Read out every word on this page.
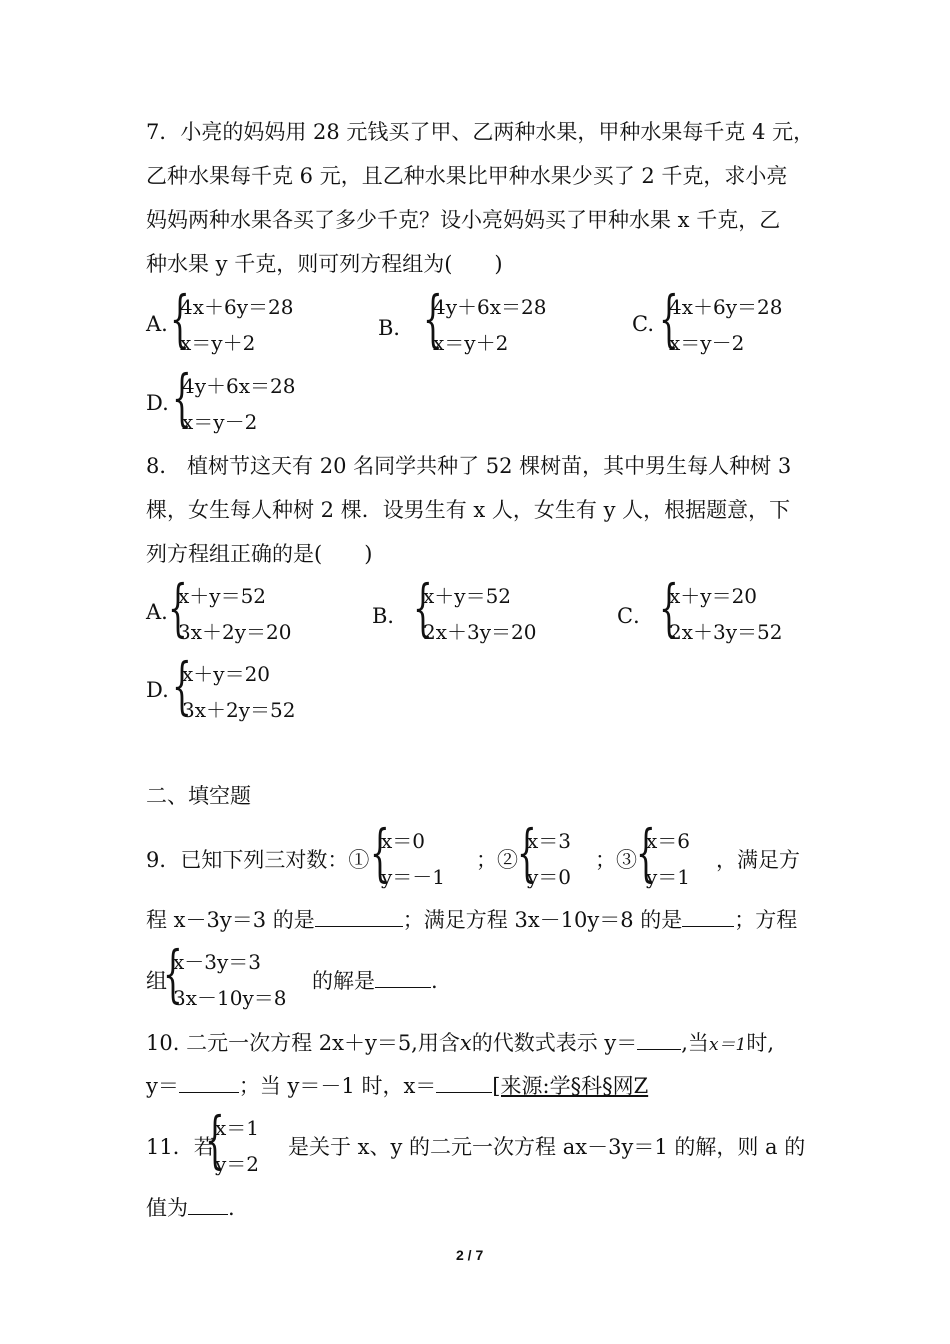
7．小亮的妈妈用 28 元钱买了甲、乙两种水果，甲种水果每千克 4 元，
乙种水果每千克 6 元，且乙种水果比甲种水果少买了 2 千克，求小亮
妈妈两种水果各买了多少千克？设小亮妈妈买了甲种水果 x 千克，乙
种水果 y 千克，则可列方程组为(　　)
A. {
4x＋6y＝28
x＝y＋2
B． {
4y＋6x＝28
x＝y＋2
C. {
4x＋6y＝28
x＝y－2
D. {
4y＋6x＝28
x＝y－2
8． 植树节这天有 20 名同学共种了 52 棵树苗，其中男生每人种树 3
棵，女生每人种树 2 棵．设男生有 x 人，女生有 y 人，根据题意，下
列方程组正确的是(　　)
A. {
x＋y＝52
3x＋2y＝20
B． {
x＋y＝52
2x＋3y＝20
C． {
x＋y＝20
2x＋3y＝52
D. {
x＋y＝20
3x＋2y＝52
二、填空题
9．已知下列三对数：① {
x＝0
y＝－1
；② {
x＝3
y＝0
；③ {
x＝6
y＝1
，满足方
程 x－3y＝3 的是	；满足方程 3x－10y＝8 的是 ；方程
组
{
x－3y＝3
3x－10y＝8
的解是	.
10. 二元一次方程 2x＋y＝5,用含x的代数式表示 y＝ ,当x＝1时,
y＝	；当 y＝－1 时，x＝	[来源:学§科§网Z
11．若
{
x＝1
y＝2
是关于 x、y 的二元一次方程 ax－3y＝1 的解，则 a 的
值为 .
2 / 7
